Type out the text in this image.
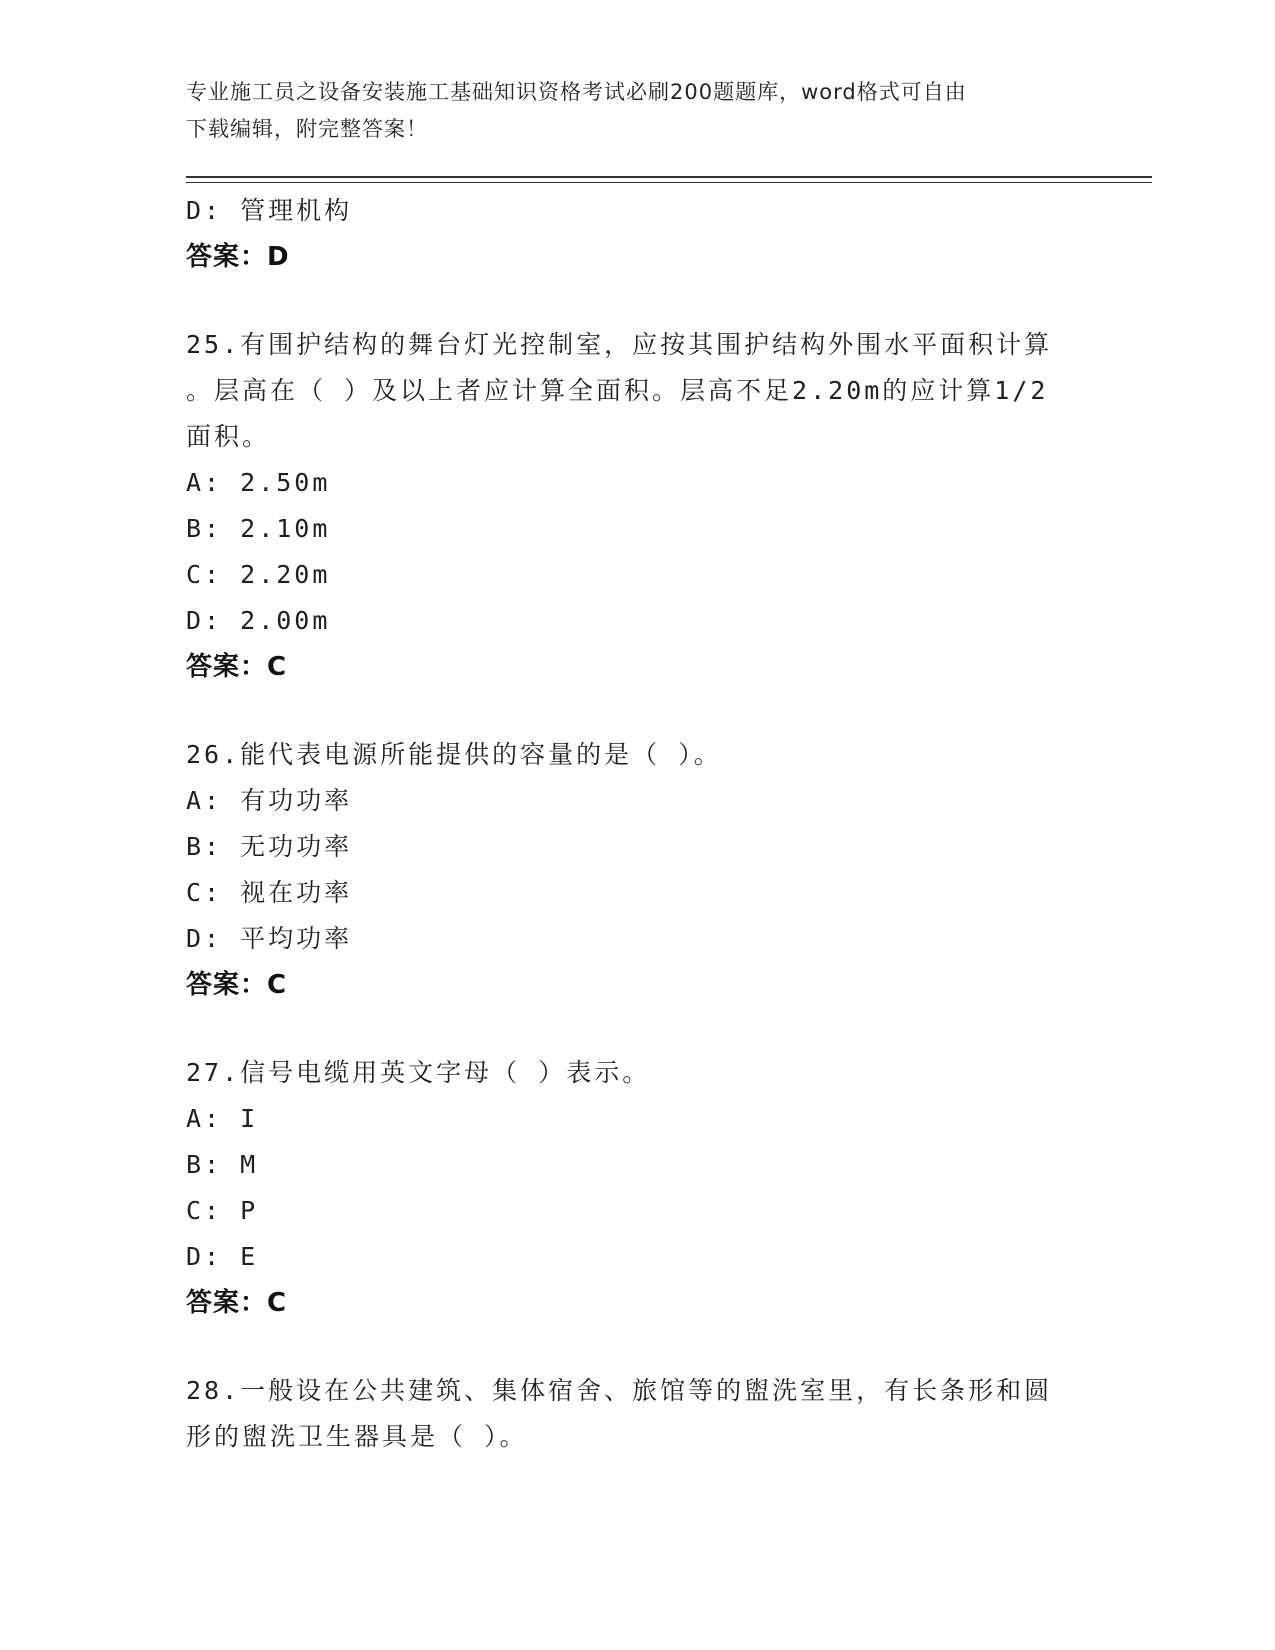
专业施工员之设备安装施工基础知识资格考试必刷200题题库，word格式可自由
下载编辑，附完整答案！
D: 管理机构
答案：D
25.有围护结构的舞台灯光控制室，应按其围护结构外围水平面积计算
。层高在（ ）及以上者应计算全面积。层高不足2.20m的应计算1/2
面积。
A: 2.50m
B: 2.10m
C: 2.20m
D: 2.00m
答案：C
26.能代表电源所能提供的容量的是（ ）。
A: 有功功率
B: 无功功率
C: 视在功率
D: 平均功率
答案：C
27.信号电缆用英文字母（ ）表示。
A: I
B: M
C: P
D: E
答案：C
28.一般设在公共建筑、集体宿舍、旅馆等的盥洗室里，有长条形和圆
形的盥洗卫生器具是（ ）。
